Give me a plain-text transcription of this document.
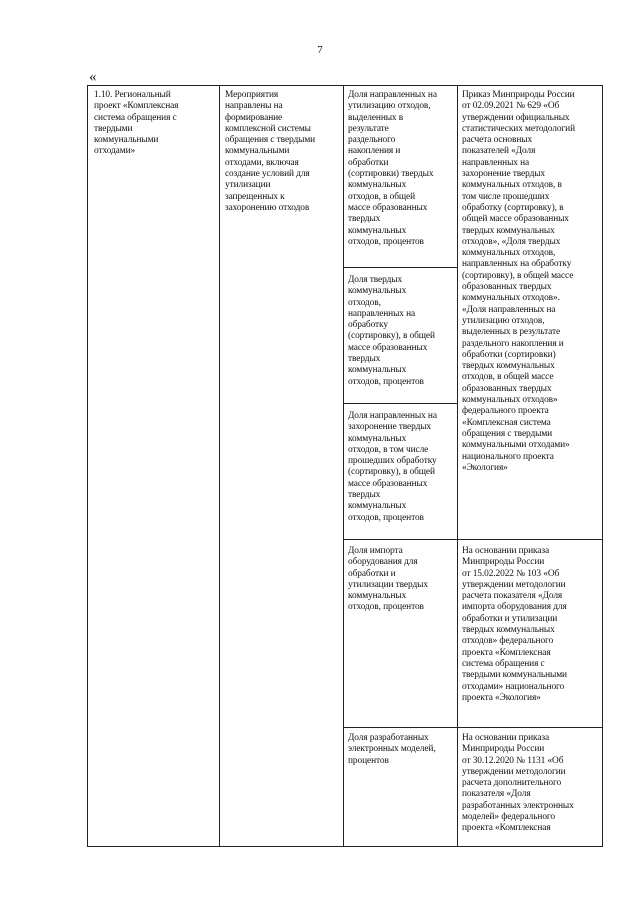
7
«
1.10. Региональный
проект «Комплексная
система обращения с
твердыми
коммунальными
отходами»
Мероприятия
направлены на
формирование
комплексной системы
обращения с твердыми
коммунальными
отходами, включая
создание условий для
утилизации
запрещенных к
захоронению отходов
Доля направленных на
утилизацию отходов,
выделенных в
результате
раздельного
накопления и
обработки
(сортировки) твердых
коммунальных
отходов, в общей
массе образованных
твердых
коммунальных
отходов, процентов
Доля твердых
коммунальных
отходов,
направленных на
обработку
(сортировку), в общей
массе образованных
твердых
коммунальных
отходов, процентов
Доля направленных на
захоронение твердых
коммунальных
отходов, в том числе
прошедших обработку
(сортировку), в общей
массе образованных
твердых
коммунальных
отходов, процентов
Доля импорта
оборудования для
обработки и
утилизации твердых
коммунальных
отходов, процентов
Доля разработанных
электронных моделей,
процентов
Приказ Минприроды России
от 02.09.2021 № 629 «Об
утверждении официальных
статистических методологий
расчета основных
показателей «Доля
направленных на
захоронение твердых
коммунальных отходов, в
том числе прошедших
обработку (сортировку), в
общей массе образованных
твердых коммунальных
отходов», «Доля твердых
коммунальных отходов,
направленных на обработку
(сортировку), в общей массе
образованных твердых
коммунальных отходов».
«Доля направленных на
утилизацию отходов,
выделенных в результате
раздельного накопления и
обработки (сортировки)
твердых коммунальных
отходов, в общей массе
образованных твердых
коммунальных отходов»
федерального проекта
«Комплексная система
обращения с твердыми
коммунальными отходами»
национального проекта
«Экология»
На основании приказа
Минприроды России
от 15.02.2022 № 103 «Об
утверждении методологии
расчета показателя «Доля
импорта оборудования для
обработки и утилизации
твердых коммунальных
отходов» федерального
проекта «Комплексная
система обращения с
твердыми коммунальными
отходами» национального
проекта «Экология»
На основании приказа
Минприроды России
от 30.12.2020 № 1131 «Об
утверждении методологии
расчета дополнительного
показателя «Доля
разработанных электронных
моделей» федерального
проекта «Комплексная
